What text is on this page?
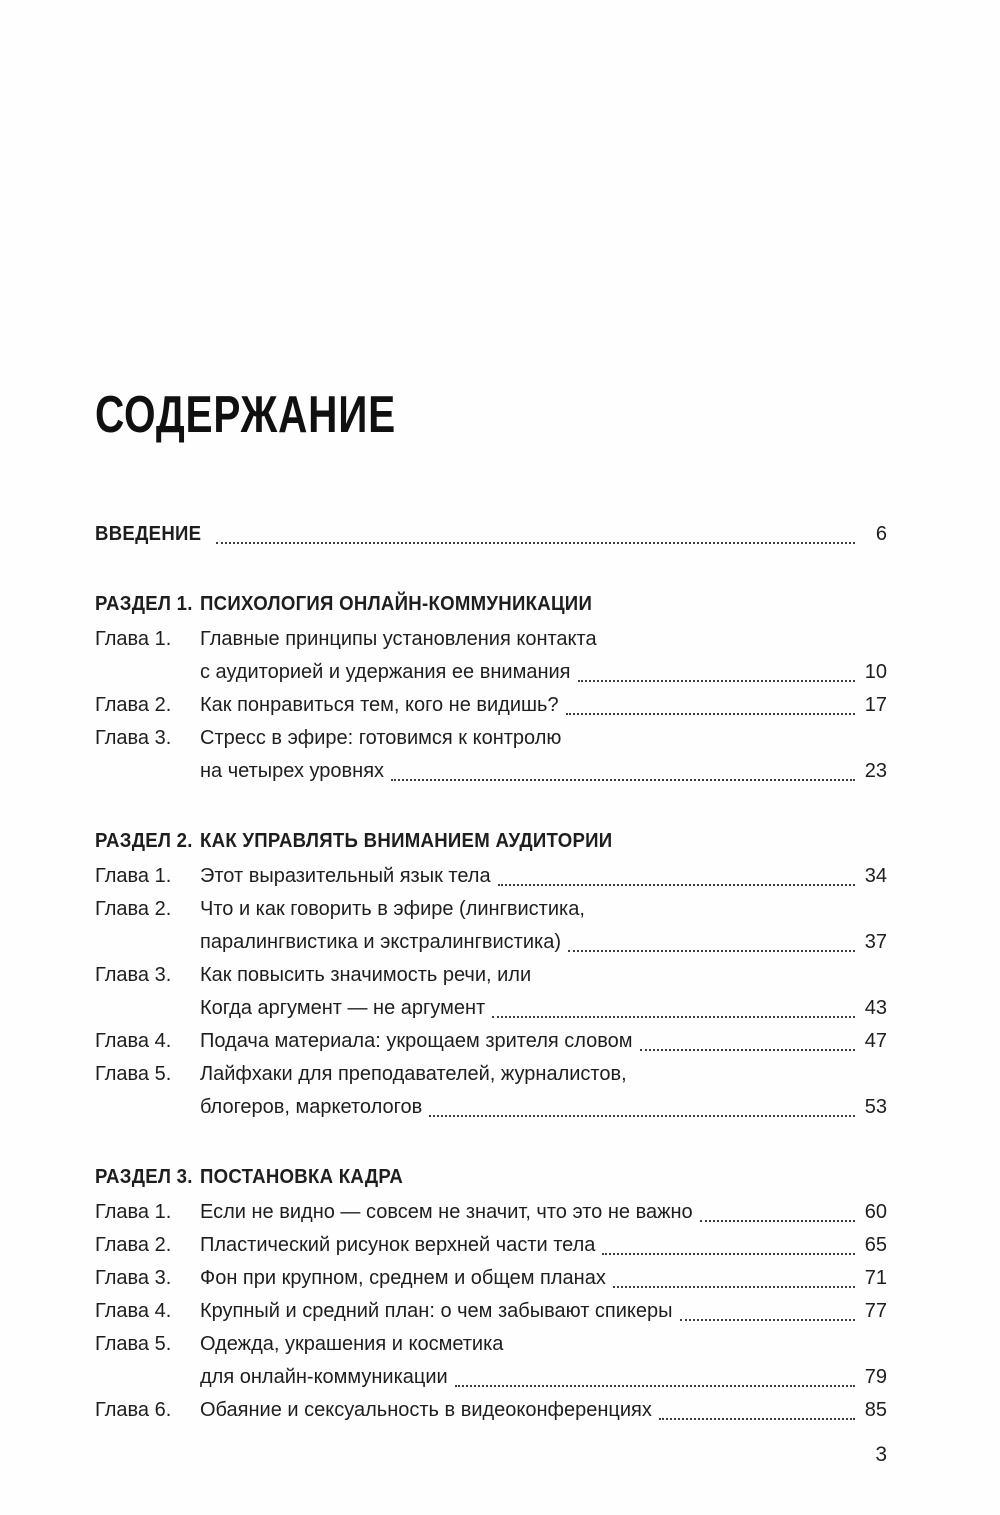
СОДЕРЖАНИЕ
ВВЕДЕНИЕ	6
РАЗДЕЛ 1. ПСИХОЛОГИЯ ОНЛАЙН-КОММУНИКАЦИИ
Глава 1.	Главные принципы установления контакта
с аудиторией и удержания ее внимания	10
Глава 2.	Как понравиться тем, кого не видишь?	17
Глава 3.	Стресс в эфире: готовимся к контролю
на четырех уровнях	23
РАЗДЕЛ 2. КАК УПРАВЛЯТЬ ВНИМАНИЕМ АУДИТОРИИ
Глава 1.	Этот выразительный язык тела	34
Глава 2.	Что и как говорить в эфире (лингвистика,
паралингвистика и экстралингвистика)	37
Глава 3.	Как повысить значимость речи, или
Когда аргумент — не аргумент	43
Глава 4.	Подача материала: укрощаем зрителя словом	47
Глава 5.	Лайфхаки для преподавателей, журналистов,
блогеров, маркетологов	53
РАЗДЕЛ 3. ПОСТАНОВКА КАДРА
Глава 1.	Если не видно — совсем не значит, что это не важно	60
Глава 2.	Пластический рисунок верхней части тела	65
Глава 3.	Фон при крупном, среднем и общем планах	71
Глава 4.	Крупный и средний план: о чем забывают спикеры	77
Глава 5.	Одежда, украшения и косметика
для онлайн-коммуникации	79
Глава 6.	Обаяние и сексуальность в видеоконференциях	85
3
